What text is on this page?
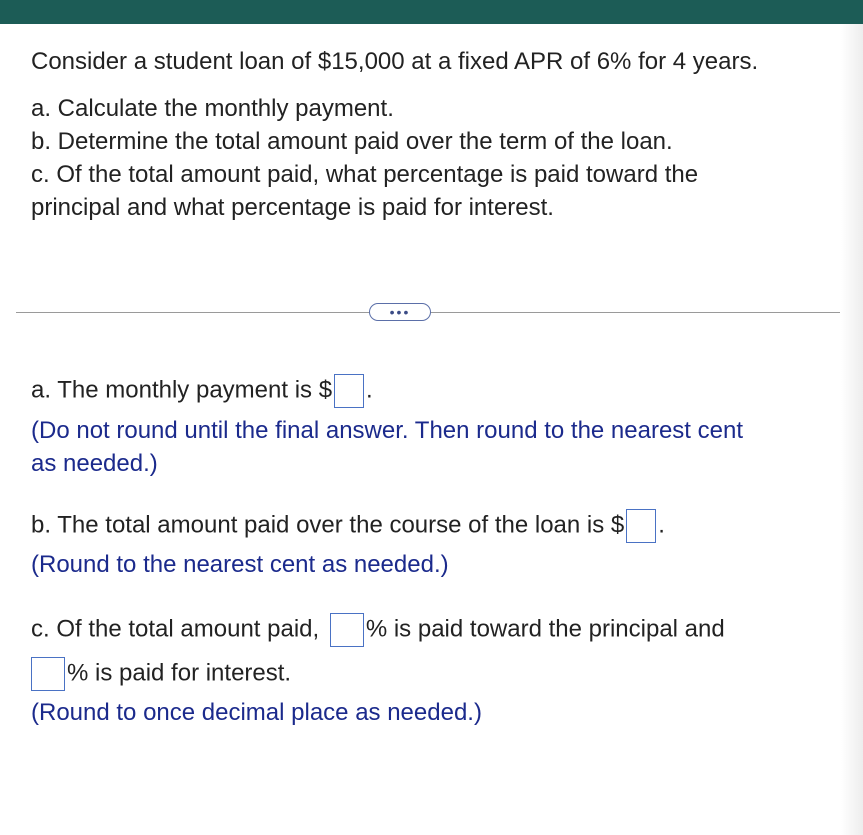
Consider a student loan of $15,000 at a fixed APR of 6% for 4 years.
a. Calculate the monthly payment.
b. Determine the total amount paid over the term of the loan.
c. Of the total amount paid, what percentage is paid toward the
principal and what percentage is paid for interest.
•••
a. The monthly payment is $ .
(Do not round until the final answer. Then round to the nearest cent
as needed.)
b. The total amount paid over the course of the loan is $ .
(Round to the nearest cent as needed.)
c. Of the total amount paid, % is paid toward the principal and
% is paid for interest.
(Round to once decimal place as needed.)
